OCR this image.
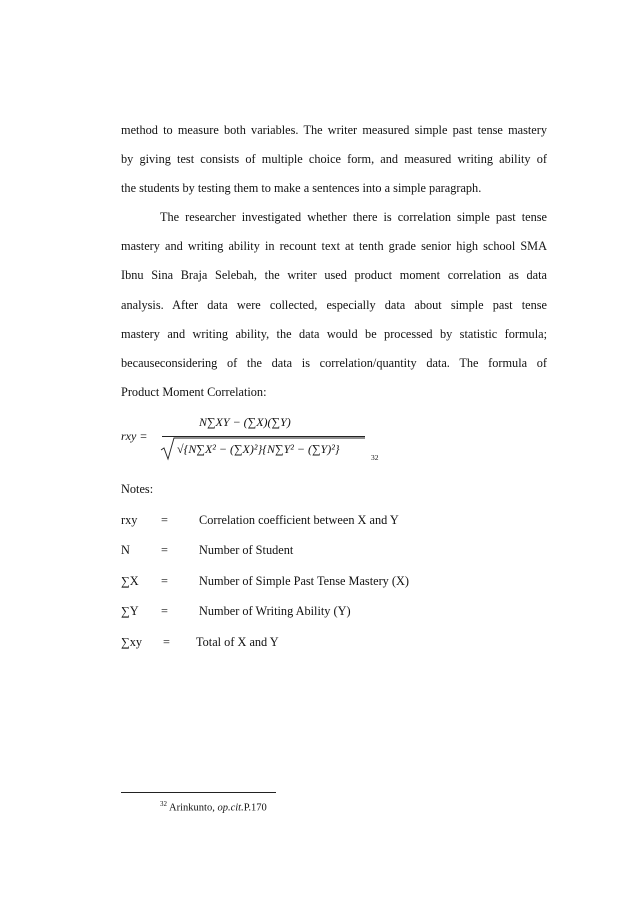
method to measure both variables. The writer measured simple past tense mastery
by giving test consists of multiple choice form, and measured writing ability of
the students by testing them to make a sentences into a simple paragraph.
The researcher investigated whether there is correlation simple past tense
mastery and writing ability in recount text at tenth grade senior high school SMA
Ibnu Sina Braja Selebah, the writer used product moment correlation as data
analysis. After data were collected, especially data about simple past tense
mastery and writing ability, the data would be processed by statistic formula;
becauseconsidering of the data is correlation/quantity data. The formula of
Product Moment Correlation:
rxy =
N∑XY − (∑X)(∑Y)
√{N∑X² − (∑X)²}{N∑Y² − (∑Y)²}
32
Notes:
rxy =	Correlation coefficient between X and Y
N	=	Number of Student
∑X =	Number of Simple Past Tense Mastery (X)
∑Y =	Number of Writing Ability (Y)
∑xy = Total of X and Y
$^{32}$ Arinkunto, op.cit.P.170
